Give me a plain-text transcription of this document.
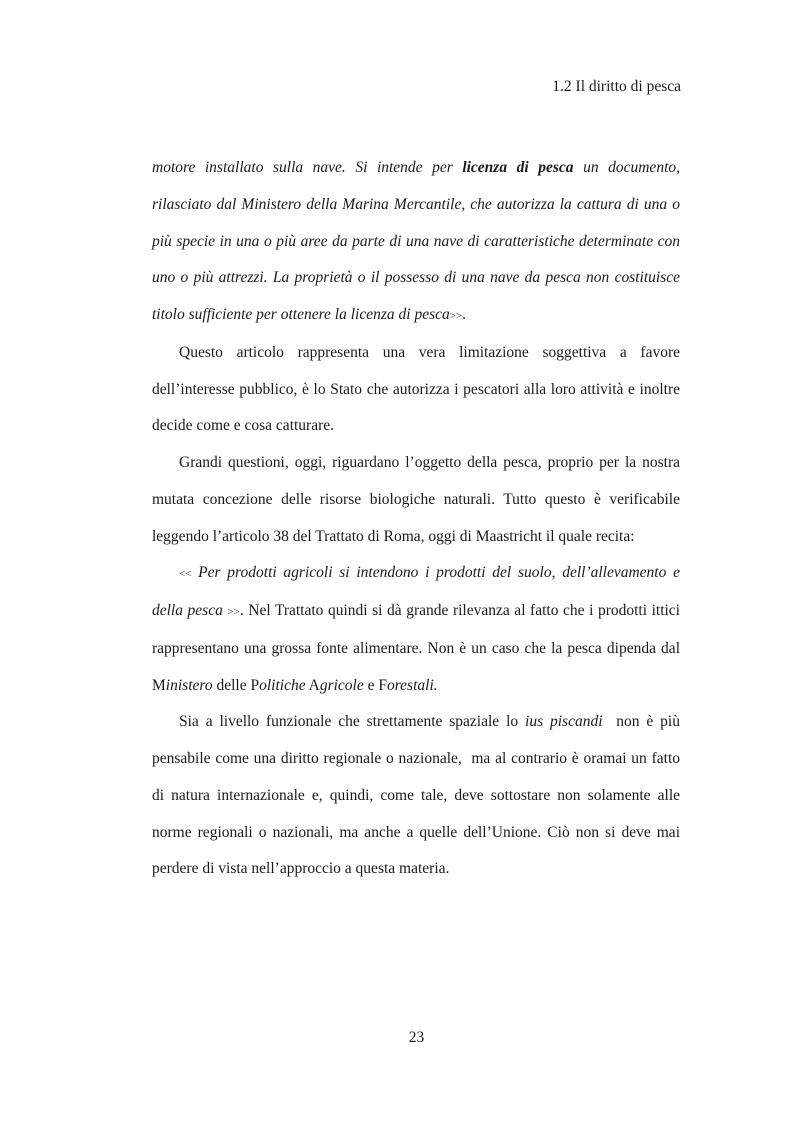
1.2 Il diritto di pesca

motore installato sulla nave. Si intende per licenza di pesca un documento, rilasciato dal Ministero della Marina Mercantile, che autorizza la cattura di una o più specie in una o più aree da parte di una nave di caratteristiche determinate con uno o più attrezzi. La proprietà o il possesso di una nave da pesca non costituisce titolo sufficiente per ottenere la licenza di pesca>>.

Questo articolo rappresenta una vera limitazione soggettiva a favore dell’interesse pubblico, è lo Stato che autorizza i pescatori alla loro attività e inoltre decide come e cosa catturare.

Grandi questioni, oggi, riguardano l’oggetto della pesca, proprio per la nostra mutata concezione delle risorse biologiche naturali. Tutto questo è verificabile leggendo l’articolo 38 del Trattato di Roma, oggi di Maastricht il quale recita:

<< Per prodotti agricoli si intendono i prodotti del suolo, dell’allevamento e della pesca >>. Nel Trattato quindi si dà grande rilevanza al fatto che i prodotti ittici rappresentano una grossa fonte alimentare. Non è un caso che la pesca dipenda dal Ministero delle Politiche Agricole e Forestali.

Sia a livello funzionale che strettamente spaziale lo ius piscandi  non è più pensabile come una diritto regionale o nazionale,  ma al contrario è oramai un fatto di natura internazionale e, quindi, come tale, deve sottostare non solamente alle norme regionali o nazionali, ma anche a quelle dell’Unione. Ciò non si deve mai perdere di vista nell’approccio a questa materia.

23
